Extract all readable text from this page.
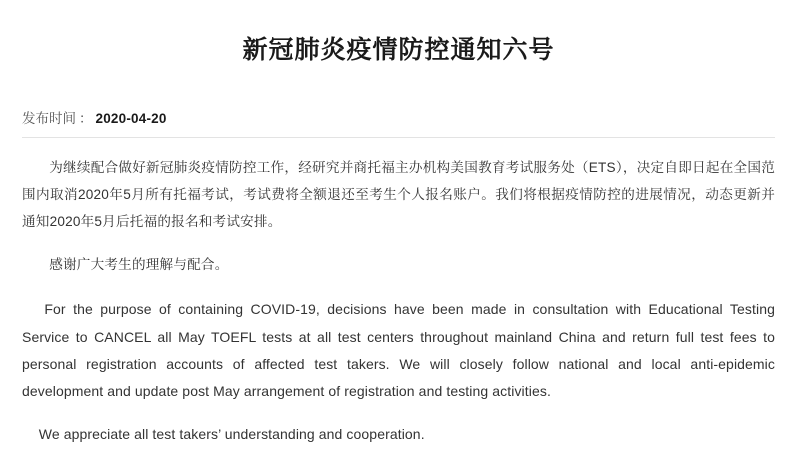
新冠肺炎疫情防控通知六号
发布时间 ： 2020-04-20

为继续配合做好新冠肺炎疫情防控工作，经研究并商托福主办机构美国教育考试服务处（ETS），决定自即日起在全国范围内取消2020年5月所有托福考试，考试费将全额退还至考生个人报名账户。我们将根据疫情防控的进展情况，动态更新并通知2020年5月后托福的报名和考试安排。

感谢广大考生的理解与配合。

For the purpose of containing COVID-19, decisions have been made in consultation with Educational Testing Service to CANCEL all May TOEFL tests at all test centers throughout mainland China and return full test fees to personal registration accounts of affected test takers. We will closely follow national and local anti-epidemic development and update post May arrangement of registration and testing activities.

We appreciate all test takers’ understanding and cooperation.
